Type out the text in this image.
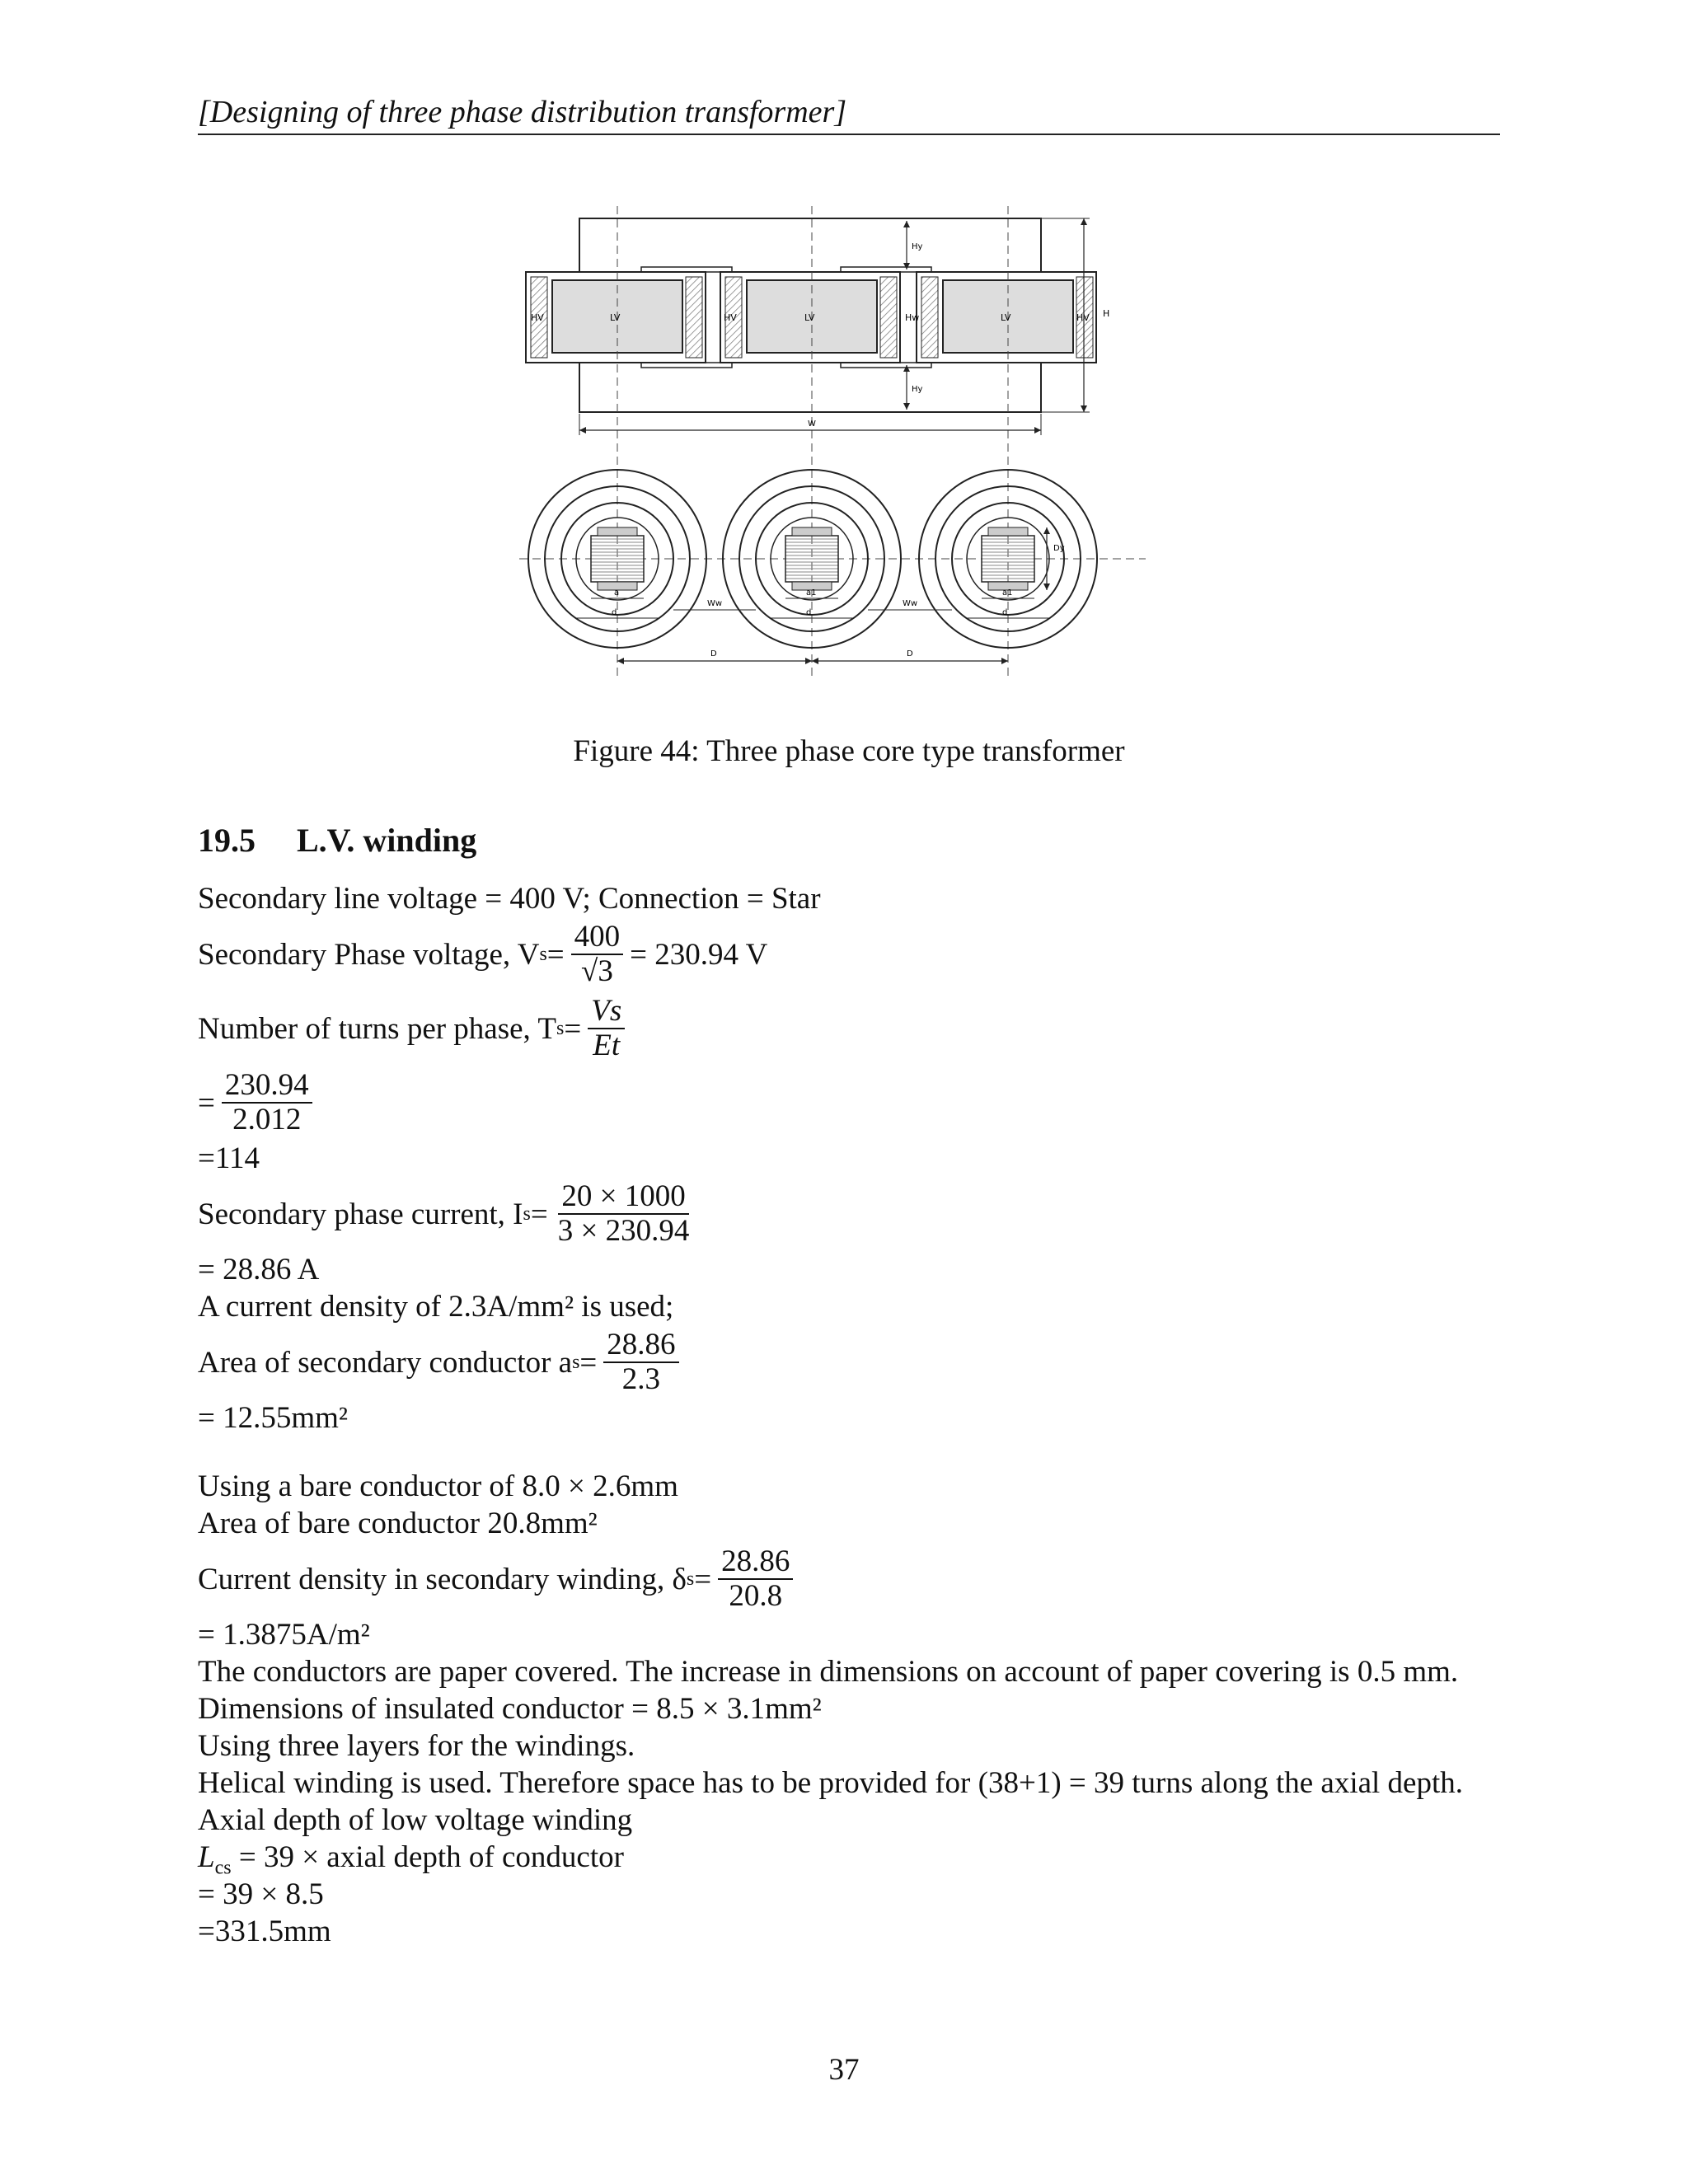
[Designing of three phase distribution transformer]
HV	LV	HV	LV	Hw	LV	HV
Hy
Hy
H
W
Dy
a
d
Ww
a1
d
Ww
a1
d
D	D
Figure 44: Three phase core type transformer
19.5 L.V. winding
Secondary line voltage = 400 V; Connection = Star
Secondary Phase voltage, V $s = \frac{400}{√3} = 230.94$ V
Number of turns per phase, T $s = \frac{Vs}{Et}$
= $\frac{230.94}{2.012}$
=114
Secondary phase current, I $s = \frac{20 \times 1000}{3 \times 230.94}$
= 28.86 A
A current density of 2.3A/mm² is used;
Area of secondary conductor a $s = \frac{28.86}{2.3}$
= 12.55mm²
Using a bare conductor of 8.0 × 2.6mm
Area of bare conductor 20.8mm²
Current density in secondary winding, δ $s = \frac{28.86}{20.8}$
= 1.3875A/m²
The conductors are paper covered. The increase in dimensions on account of paper covering is 0.5 mm.
Dimensions of insulated conductor = 8.5 × 3.1mm²
Using three layers for the windings.
Helical winding is used. Therefore space has to be provided for (38+1) = 39 turns along the axial depth.
Axial depth of low voltage winding
$L_{cs} = 39$ × axial depth of conductor
= 39 × 8.5
=331.5mm
37
